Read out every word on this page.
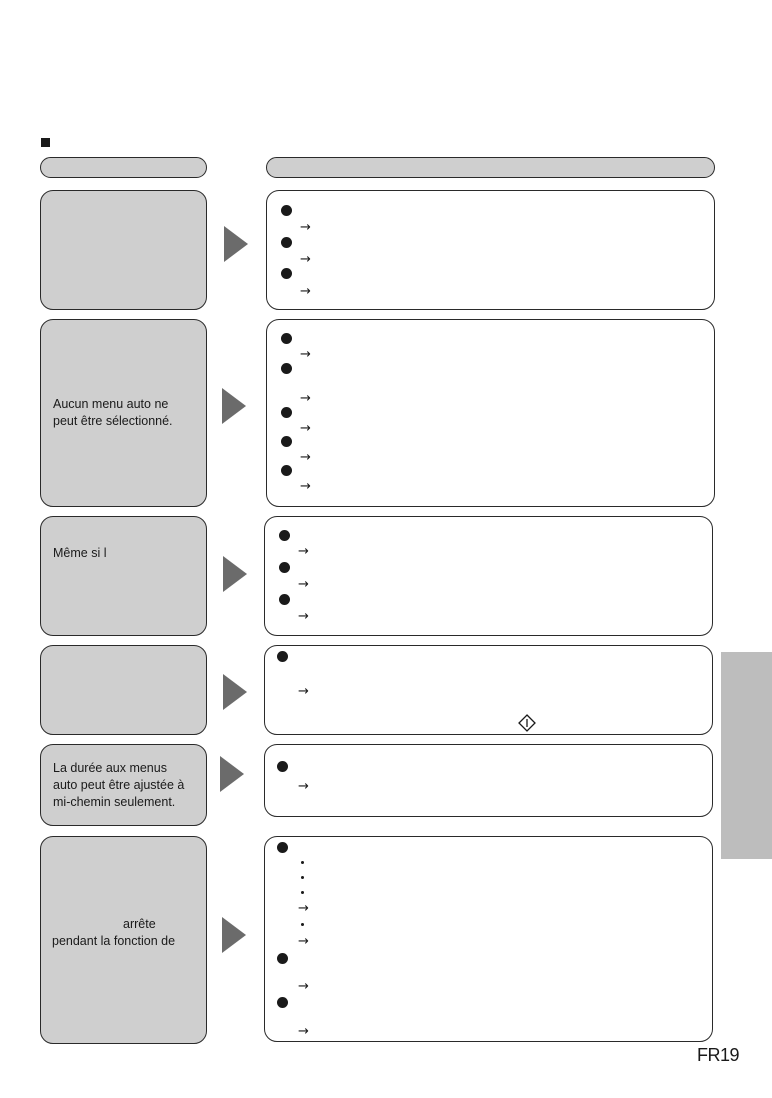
→
→
→
Aucun menu auto ne
peut être sélectionné.
→
→
→
→
→
Même si l	→
→
→
→
La durée aux menus
auto peut être ajustée à
mi-chemin seulement.
→
arrête
pendant la fonction de
→
→
→
→
FR19
